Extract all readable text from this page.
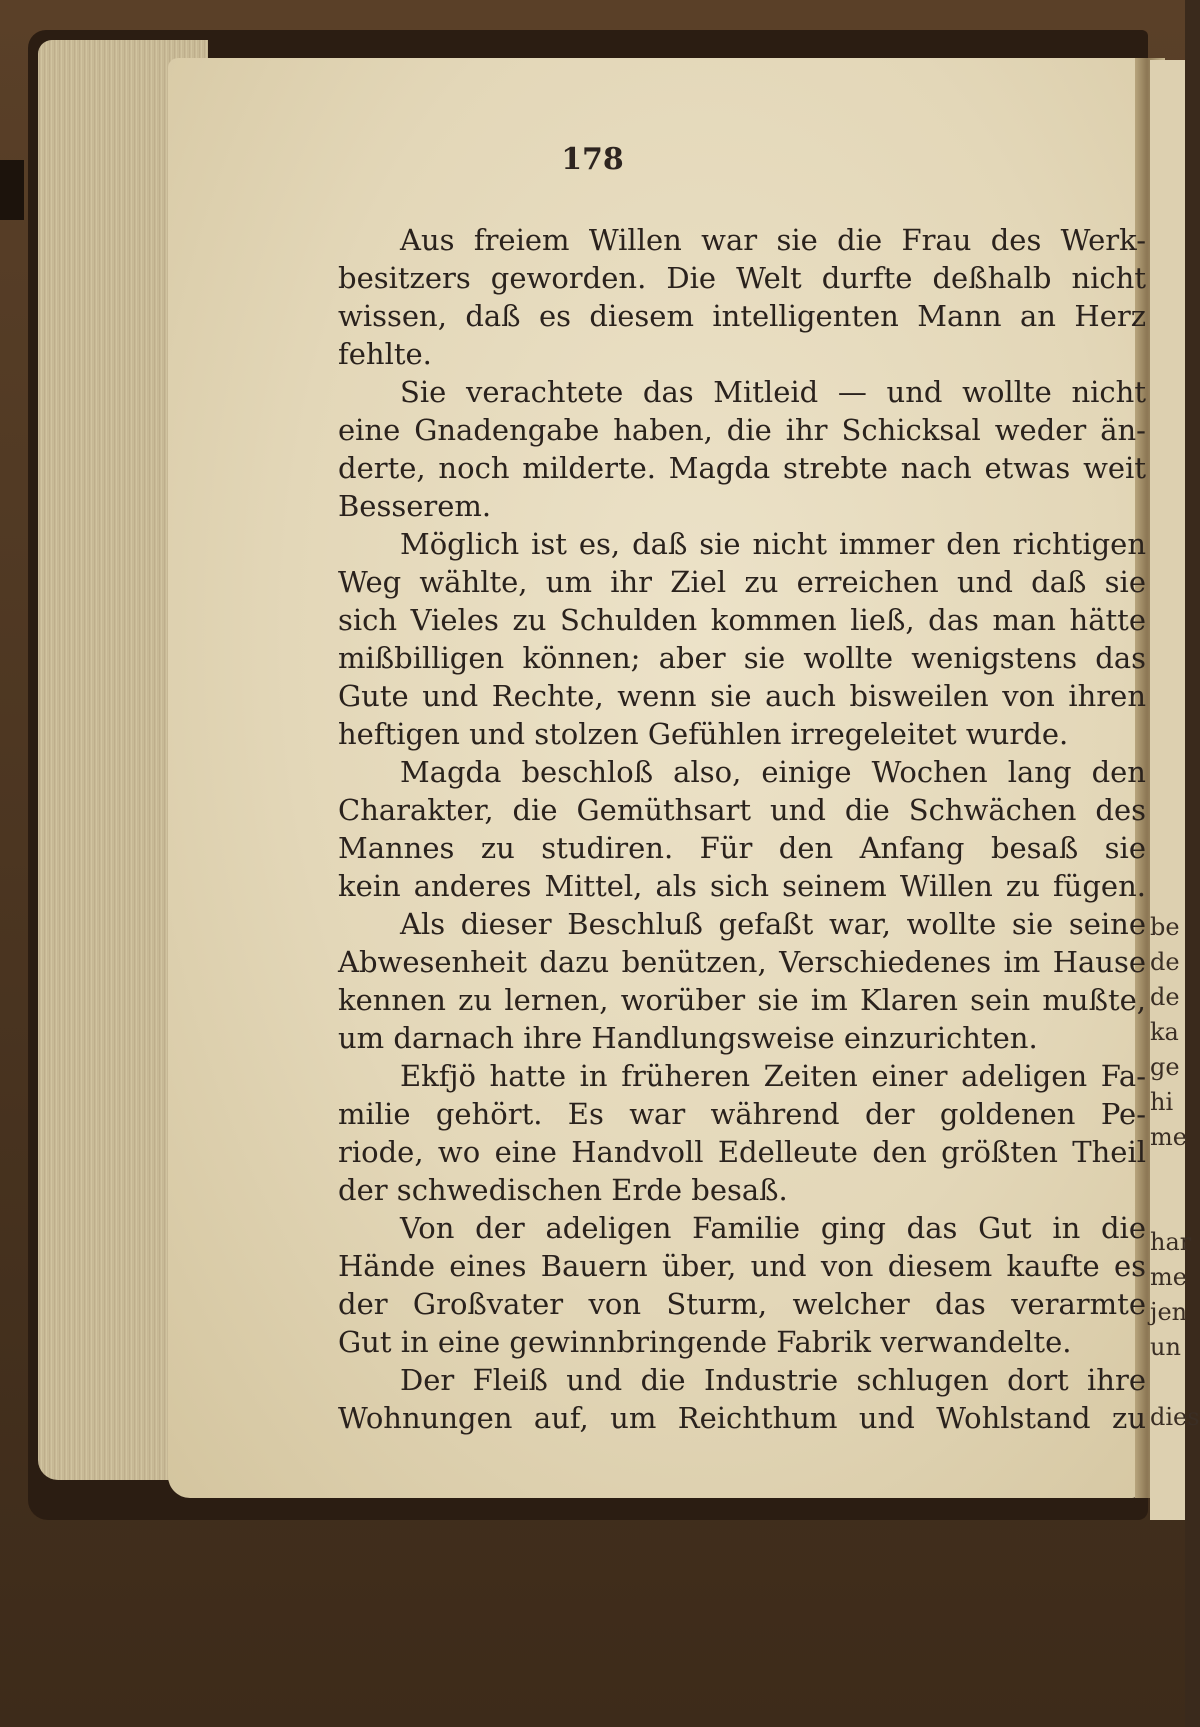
be
de
de
ka
ge
hi
me
har
me
jen
un
dies
178
Aus freiem Willen war sie die Frau des Werk-
besitzers geworden. Die Welt durfte deßhalb nicht
wissen, daß es diesem intelligenten Mann an Herz
fehlte.
Sie verachtete das Mitleid — und wollte nicht
eine Gnadengabe haben, die ihr Schicksal weder än-
derte, noch milderte. Magda strebte nach etwas weit
Besserem.
Möglich ist es, daß sie nicht immer den richtigen
Weg wählte, um ihr Ziel zu erreichen und daß sie
sich Vieles zu Schulden kommen ließ, das man hätte
mißbilligen können; aber sie wollte wenigstens das
Gute und Rechte, wenn sie auch bisweilen von ihren
heftigen und stolzen Gefühlen irregeleitet wurde.
Magda beschloß also, einige Wochen lang den
Charakter, die Gemüthsart und die Schwächen des
Mannes zu studiren. Für den Anfang besaß sie
kein anderes Mittel, als sich seinem Willen zu fügen.
Als dieser Beschluß gefaßt war, wollte sie seine
Abwesenheit dazu benützen, Verschiedenes im Hause
kennen zu lernen, worüber sie im Klaren sein mußte,
um darnach ihre Handlungsweise einzurichten.
Ekfjö hatte in früheren Zeiten einer adeligen Fa-
milie gehört. Es war während der goldenen Pe-
riode, wo eine Handvoll Edelleute den größten Theil
der schwedischen Erde besaß.
Von der adeligen Familie ging das Gut in die
Hände eines Bauern über, und von diesem kaufte es
der Großvater von Sturm, welcher das verarmte
Gut in eine gewinnbringende Fabrik verwandelte.
Der Fleiß und die Industrie schlugen dort ihre
Wohnungen auf, um Reichthum und Wohlstand zu
